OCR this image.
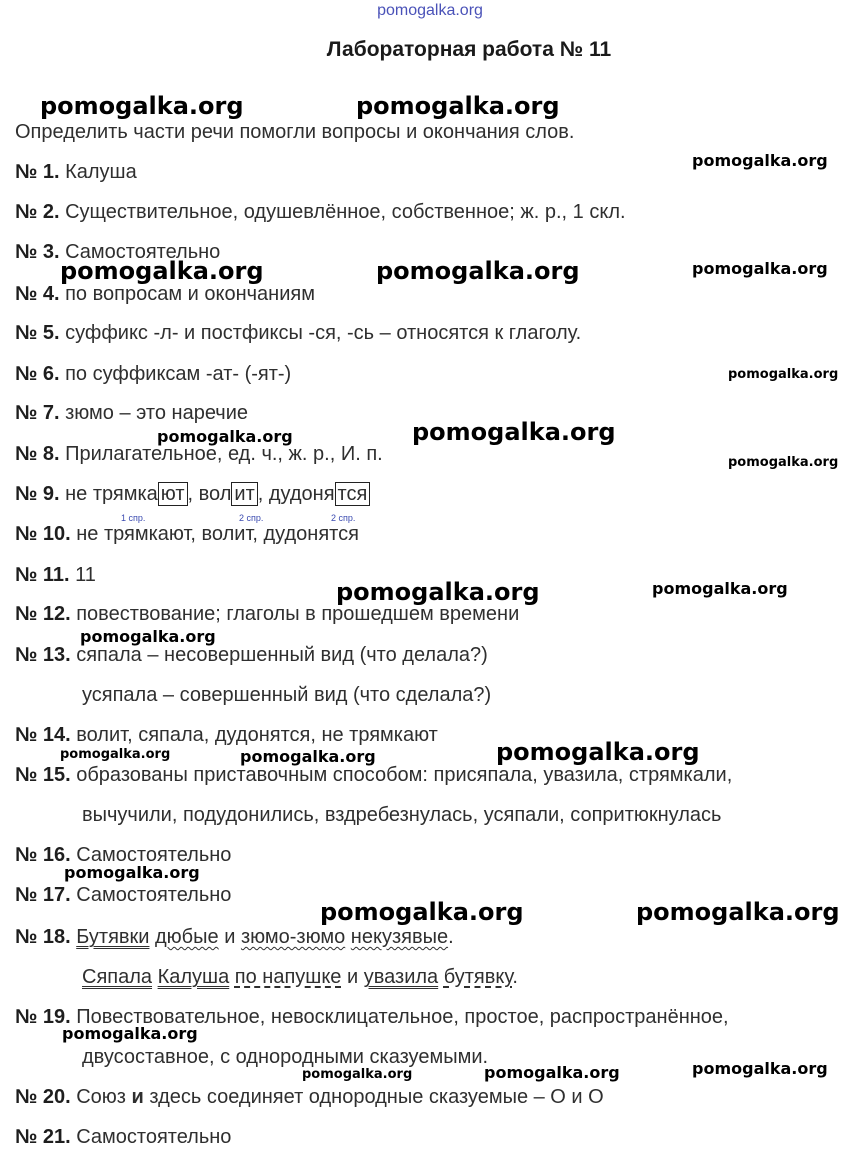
pomogalka.org
Лабораторная работа № 11
Определить части речи помогли вопросы и окончания слов.
№ 1. Калуша
№ 2. Существительное, одушевлённое, собственное; ж. р., 1 скл.
№ 3. Самостоятельно
№ 4. по вопросам и окончаниям
№ 5. суффикс -л- и постфиксы -ся, -сь – относятся к глаголу.
№ 6. по суффиксам -ат- (-ят-)
№ 7. зюмо – это наречие
№ 8. Прилагательное, ед. ч., ж. р., И. п.
№ 9. не трямка ют , вол ит , дудоня тся
1 спр.	2 спр.	2 спр.
№ 10. не трямкают, волит, дудонятся
№ 11. 11
№ 12. повествование; глаголы в прошедшем времени
№ 13. сяпала – несовершенный вид (что делала?)
усяпала – совершенный вид (что сделала?)
№ 14. волит, сяпала, дудонятся, не трямкают
№ 15. образованы приставочным способом: присяпала, увазила, стрямкали,
вычучили, подудонились, вздребезнулась, усяпали, сопритюкнулась
№ 16. Самостоятельно
№ 17. Самостоятельно
№ 18. Бутявки дюбые и зюмо-зюмо некузявые.
Сяпала Калуша по напушке и увазила бутявку.
№ 19. Повествовательное, невосклицательное, простое, распространённое,
двусоставное, с однородными сказуемыми.
№ 20. Союз и здесь соединяет однородные сказуемые – О и О
№ 21. Самостоятельно
pomogalka.org	pomogalka.org
pomogalka.org
pomogalka.org	pomogalka.org	pomogalka.org
pomogalka.org
pomogalka.org	pomogalka.org
pomogalka.org
pomogalka.org	pomogalka.org
pomogalka.org
pomogalka.org	pomogalka.org	pomogalka.org
pomogalka.org
pomogalka.org	pomogalka.org
pomogalka.org
pomogalka.org	pomogalka.org	pomogalka.org
